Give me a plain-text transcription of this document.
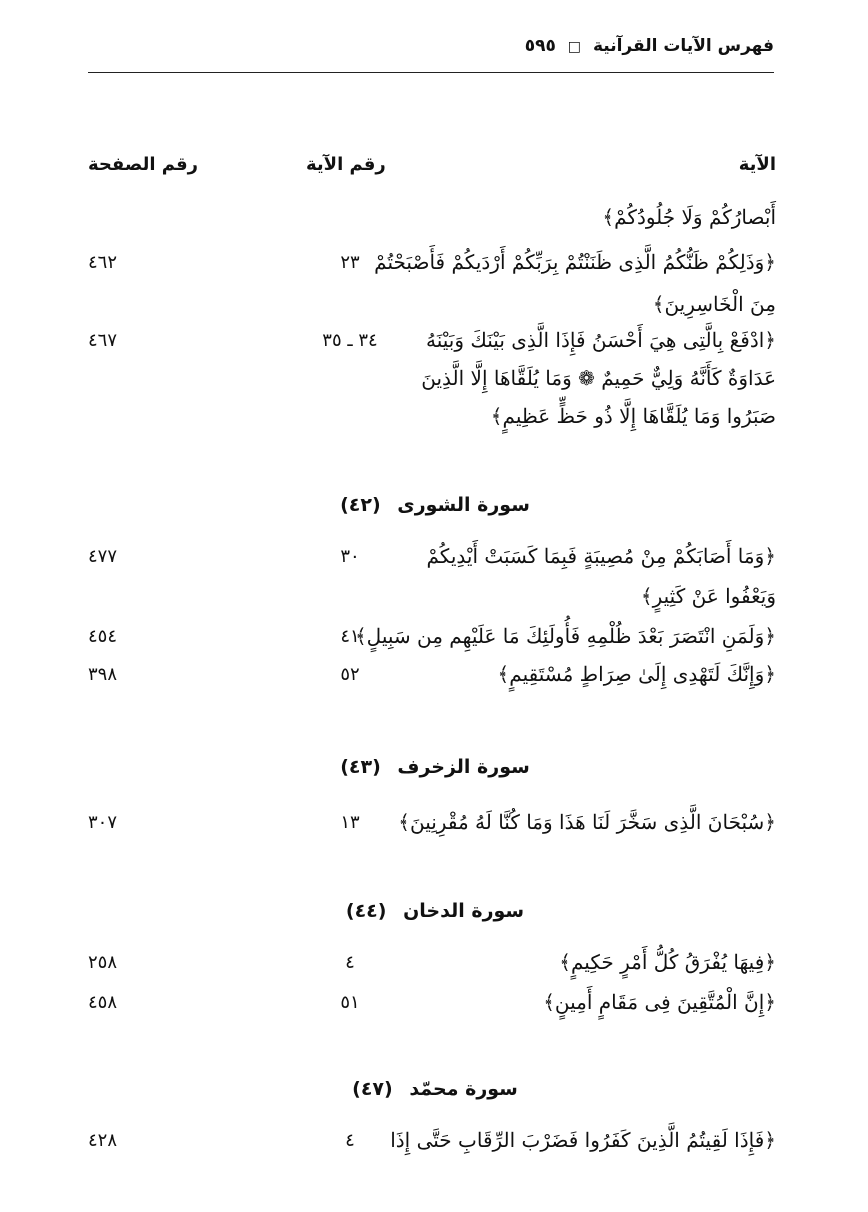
فهرس الآيات القرآنية □ ٥٩٥
الآية
رقم الآية
رقم الصفحة
أَبْصارُكُمْ وَلَا جُلُودُكُمْ﴾
﴿وَذَلِكُمْ ظَنُّكُمُ الَّذِى ظَنَنْتُمْ بِرَبِّكُمْ أَرْدَيكُمْ فَأَصْبَحْتُمْ
مِنَ الْخَاسِرِينَ﴾
٢٣
٤٦٢
﴿ادْفَعْ بِالَّتِى هِيَ أَحْسَنُ فَإِذَا الَّذِى بَيْنَكَ وَبَيْنَهُ
عَدَاوَةٌ كَأَنَّهُ وَلِيٌّ حَمِيمٌ ❁ وَمَا يُلَقَّاهَا إِلَّا الَّذِينَ
صَبَرُوا وَمَا يُلَقَّاهَا إِلَّا ذُو حَظٍّ عَظِيمٍ﴾
٣٤ ـ ٣٥
٤٦٧
سورة الشورى (٤٢)
﴿وَمَا أَصَابَكُمْ مِنْ مُصِيبَةٍ فَبِمَا كَسَبَتْ أَيْدِيكُمْ
وَيَعْفُوا عَنْ كَثِيرٍ﴾
٣٠
٤٧٧
﴿وَلَمَنِ انْتَصَرَ بَعْدَ ظُلْمِهِ فَأُولَئِكَ مَا عَلَيْهِم مِن سَبِيلٍ﴾
٤١
٤٥٤
﴿وَإِنَّكَ لَتَهْدِى إِلَىٰ صِرَاطٍ مُسْتَقِيمٍ﴾
٥٢
٣٩٨
سورة الزخرف (٤٣)
﴿سُبْحَانَ الَّذِى سَخَّرَ لَنَا هَذَا وَمَا كُنَّا لَهُ مُقْرِنِينَ﴾
١٣
٣٠٧
سورة الدخان (٤٤)
﴿فِيهَا يُفْرَقُ كُلُّ أَمْرٍ حَكِيمٍ﴾
٤
٢٥٨
﴿إِنَّ الْمُتَّقِينَ فِى مَقَامٍ أَمِينٍ﴾
٥١
٤٥٨
سورة محمّد (٤٧)
﴿فَإِذَا لَقِيتُمُ الَّذِينَ كَفَرُوا فَضَرْبَ الرِّقَابِ حَتَّى إِذَا
٤
٤٢٨
